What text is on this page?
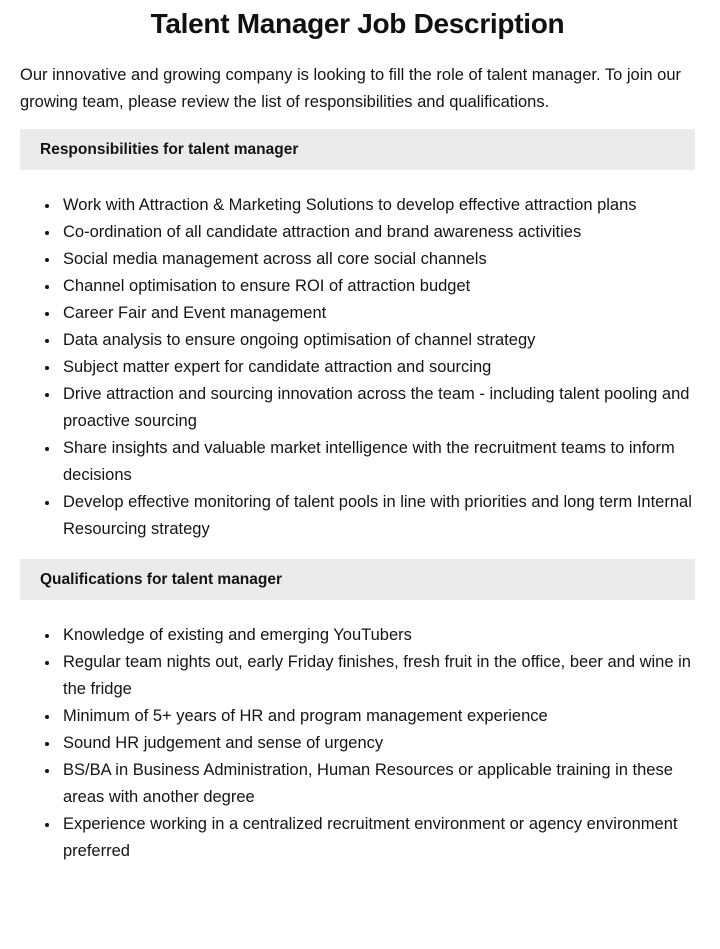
Talent Manager Job Description

Our innovative and growing company is looking to fill the role of talent manager. To join our growing team, please review the list of responsibilities and qualifications.

Responsibilities for talent manager
• Work with Attraction & Marketing Solutions to develop effective attraction plans
• Co-ordination of all candidate attraction and brand awareness activities
• Social media management across all core social channels
• Channel optimisation to ensure ROI of attraction budget
• Career Fair and Event management
• Data analysis to ensure ongoing optimisation of channel strategy
• Subject matter expert for candidate attraction and sourcing
• Drive attraction and sourcing innovation across the team - including talent pooling and proactive sourcing
• Share insights and valuable market intelligence with the recruitment teams to inform decisions
• Develop effective monitoring of talent pools in line with priorities and long term Internal Resourcing strategy
Qualifications for talent manager
• Knowledge of existing and emerging YouTubers
• Regular team nights out, early Friday finishes, fresh fruit in the office, beer and wine in the fridge
• Minimum of 5+ years of HR and program management experience
• Sound HR judgement and sense of urgency
• BS/BA in Business Administration, Human Resources or applicable training in these areas with another degree
• Experience working in a centralized recruitment environment or agency environment preferred
